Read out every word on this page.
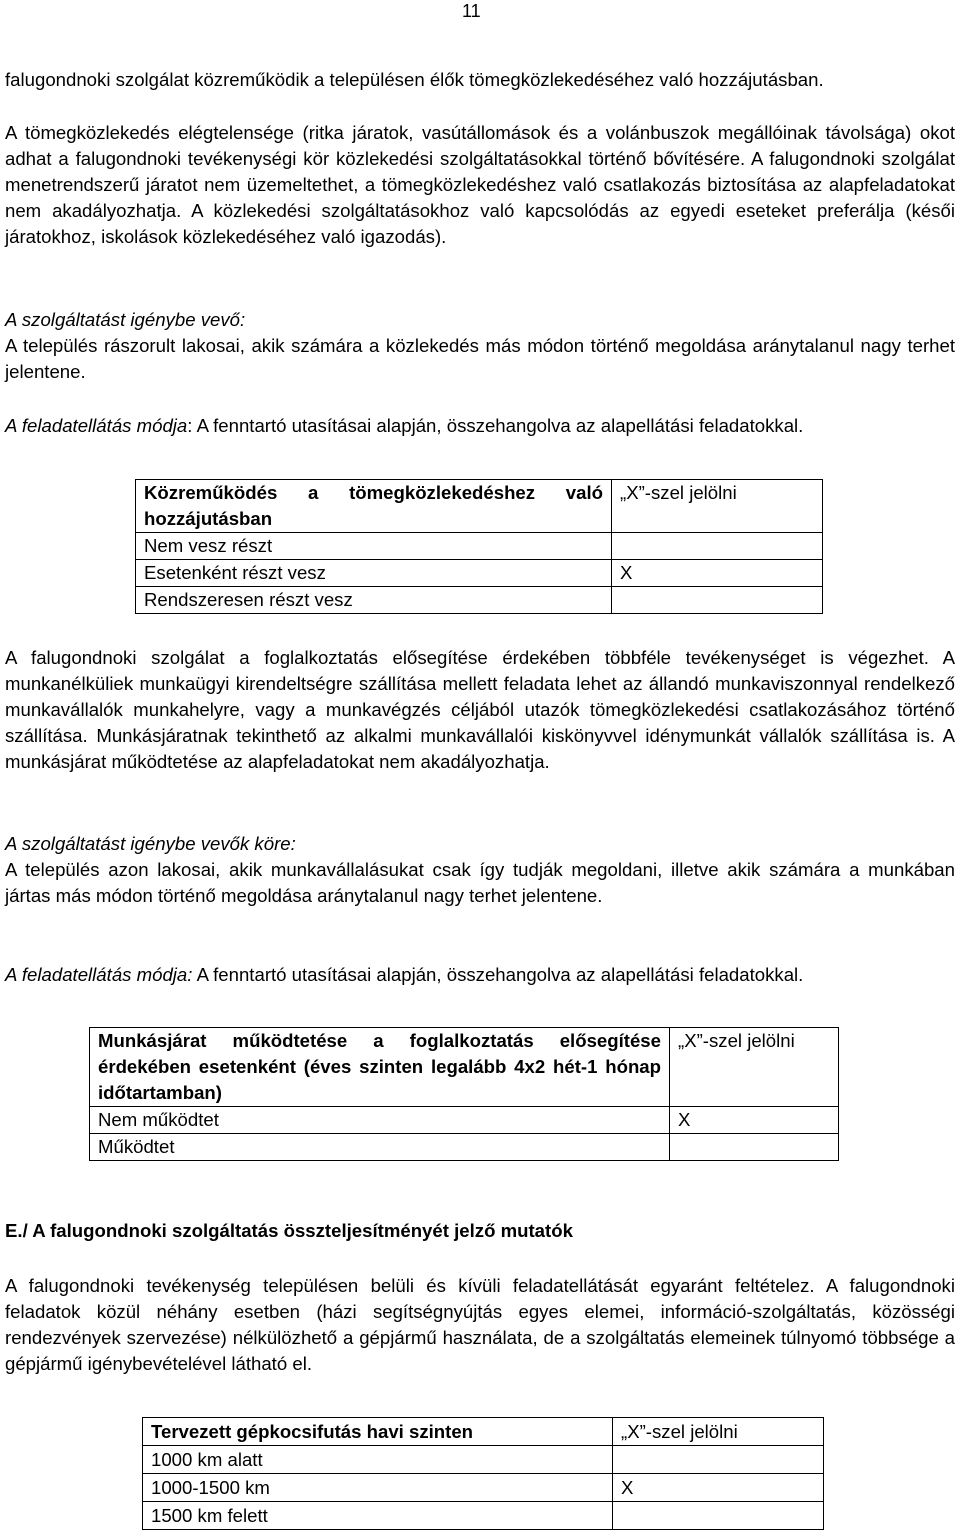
11

falugondnoki szolgálat közreműködik a településen élők tömegközlekedéséhez való hozzájutásban.

A tömegközlekedés elégtelensége (ritka járatok, vasútállomások és a volánbuszok megállóinak távolsága) okot adhat a falugondnoki tevékenységi kör közlekedési szolgáltatásokkal történő bővítésére. A falugondnoki szolgálat menetrendszerű járatot nem üzemeltethet, a tömegközlekedéshez való csatlakozás biztosítása az alapfeladatokat nem akadályozhatja. A közlekedési szolgáltatásokhoz való kapcsolódás az egyedi eseteket preferálja (késői járatokhoz, iskolások közlekedéséhez való igazodás).

A szolgáltatást igénybe vevő:
A település rászorult lakosai, akik számára a közlekedés más módon történő megoldása aránytalanul nagy terhet jelentene.

A feladatellátás módja: A fenntartó utasításai alapján, összehangolva az alapellátási feladatokkal.

Közreműködés a tömegközlekedéshez való hozzájutásban	„X”-szel jelölni
Nem vesz részt	
Esetenként részt vesz	X
Rendszeresen részt vesz	

A falugondnoki szolgálat a foglalkoztatás elősegítése érdekében többféle tevékenységet is végezhet. A munkanélküliek munkaügyi kirendeltségre szállítása mellett feladata lehet az állandó munkaviszonnyal rendelkező munkavállalók munkahelyre, vagy a munkavégzés céljából utazók tömegközlekedési csatlakozásához történő szállítása. Munkásjáratnak tekinthető az alkalmi munkavállalói kiskönyvvel idénymunkát vállalók szállítása is. A munkásjárat működtetése az alapfeladatokat nem akadályozhatja.

A szolgáltatást igénybe vevők köre:
A település azon lakosai, akik munkavállalásukat csak így tudják megoldani, illetve akik számára a munkában jártas más módon történő megoldása aránytalanul nagy terhet jelentene.

A feladatellátás módja: A fenntartó utasításai alapján, összehangolva az alapellátási feladatokkal.

Munkásjárat működtetése a foglalkoztatás elősegítése érdekében esetenként (éves szinten legalább 4x2 hét-1 hónap időtartamban)	„X”-szel jelölni
Nem működtet	X
Működtet	
E./ A falugondnoki szolgáltatás összteljesítményét jelző mutatók

A falugondnoki tevékenység településen belüli és kívüli feladatellátását egyaránt feltételez. A falugondnoki feladatok közül néhány esetben (házi segítségnyújtás egyes elemei, információ-szolgáltatás, közösségi rendezvények szervezése) nélkülözhető a gépjármű használata, de a szolgáltatás elemeinek túlnyomó többsége a gépjármű igénybevételével látható el.

Tervezett gépkocsifutás havi szinten	„X”-szel jelölni
1000 km alatt	
1000-1500 km	X
1500 km felett	
